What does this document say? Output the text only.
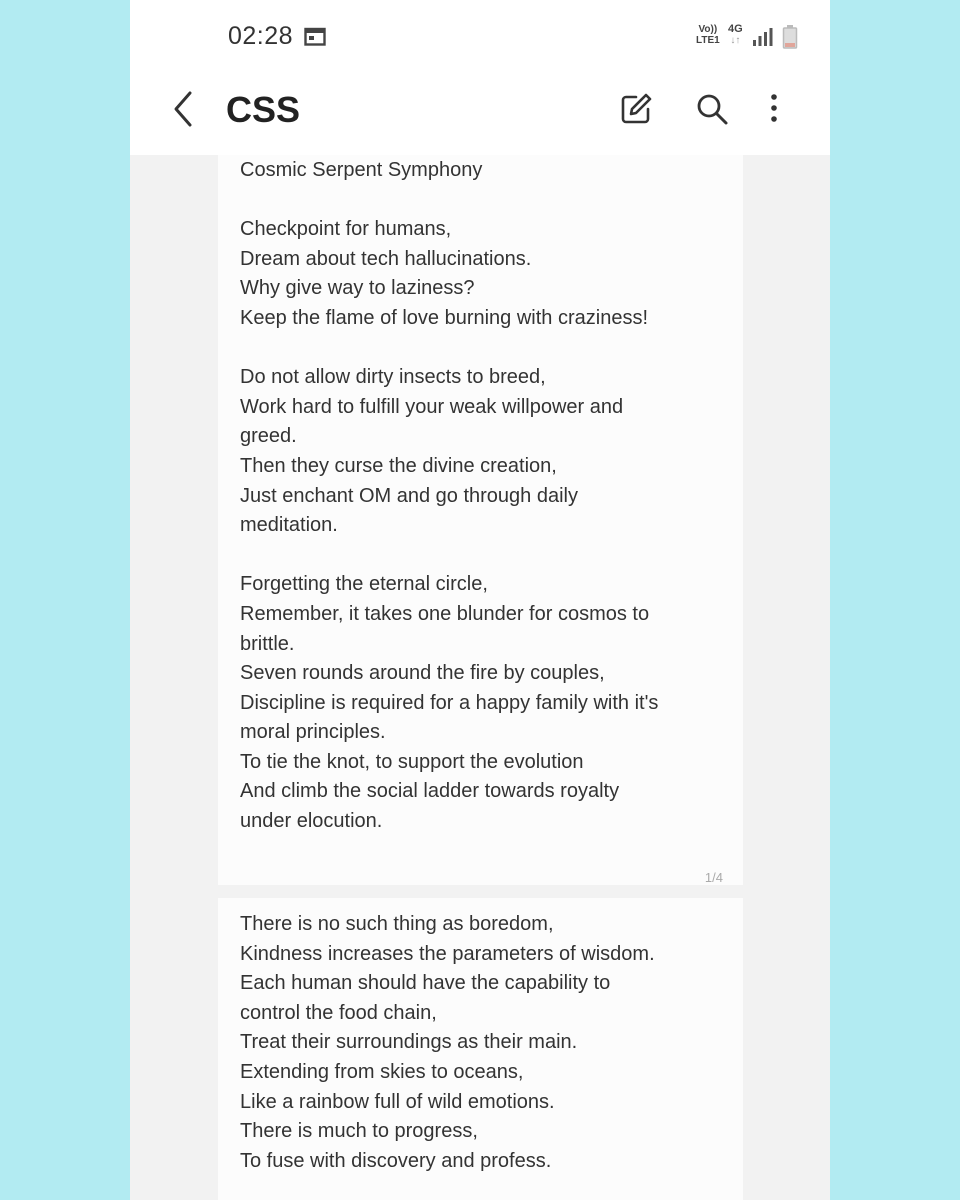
02:28	Vo))
LTE1
4G
↓↑
CSS
Cosmic Serpent Symphony
Checkpoint for humans,
Dream about tech hallucinations.
Why give way to laziness?
Keep the flame of love burning with craziness!
Do not allow dirty insects to breed,
Work hard to fulfill your weak willpower and
greed.
Then they curse the divine creation,
Just enchant OM and go through daily
meditation.
Forgetting the eternal circle,
Remember, it takes one blunder for cosmos to
brittle.
Seven rounds around the fire by couples,
Discipline is required for a happy family with it's
moral principles.
To tie the knot, to support the evolution
And climb the social ladder towards royalty
under elocution.
1/4
There is no such thing as boredom,
Kindness increases the parameters of wisdom.
Each human should have the capability to
control the food chain,
Treat their surroundings as their main.
Extending from skies to oceans,
Like a rainbow full of wild emotions.
There is much to progress,
To fuse with discovery and profess.
